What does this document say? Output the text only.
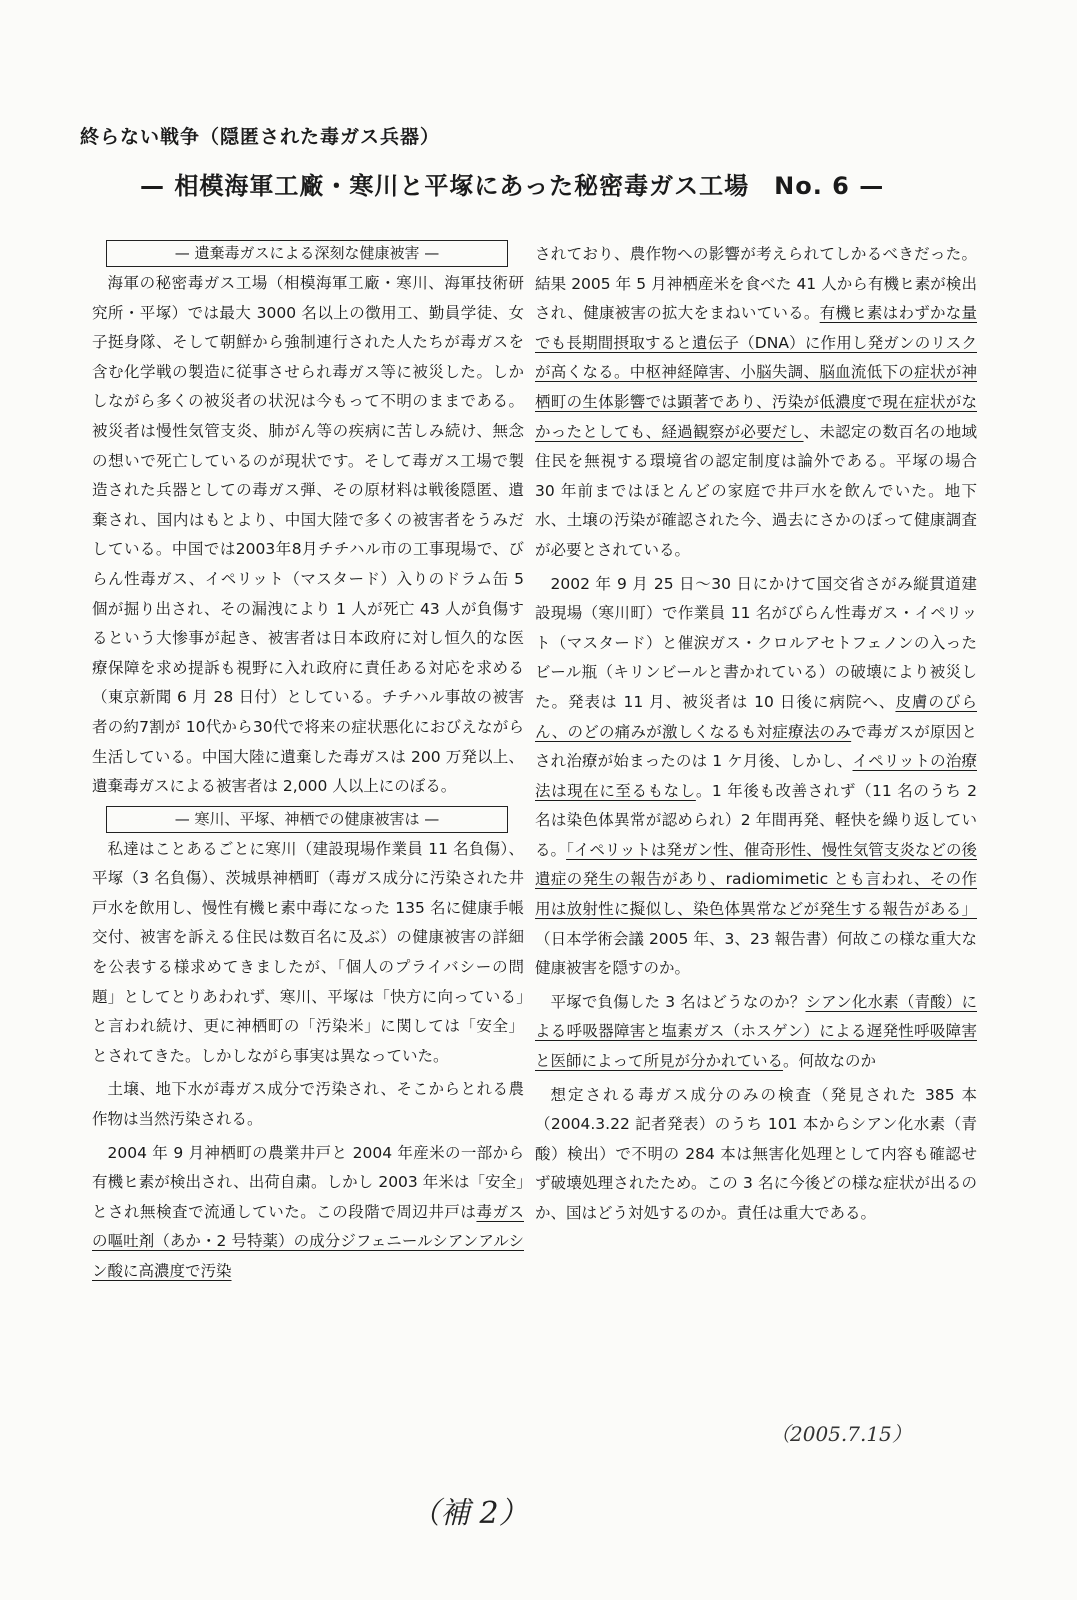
終らない戦争（隠匿された毒ガス兵器）
— 相模海軍工廠・寒川と平塚にあった秘密毒ガス工場　No. 6 —
— 遺棄毒ガスによる深刻な健康被害 —

海軍の秘密毒ガス工場（相模海軍工廠・寒川、海軍技術研究所・平塚）では最大 3000 名以上の徴用工、勤員学徒、女子挺身隊、そして朝鮮から強制連行された人たちが毒ガスを含む化学戦の製造に従事させられ毒ガス等に被災した。しかしながら多くの被災者の状況は今もって不明のままである。被災者は慢性気管支炎、肺がん等の疾病に苦しみ続け、無念の想いで死亡しているのが現状です。そして毒ガス工場で製造された兵器としての毒ガス弾、その原材料は戦後隠匿、遺棄され、国内はもとより、中国大陸で多くの被害者をうみだしている。中国では2003年8月チチハル市の工事現場で、びらん性毒ガス、イペリット（マスタード）入りのドラム缶 5 個が掘り出され、その漏洩により 1 人が死亡 43 人が負傷するという大惨事が起き、被害者は日本政府に対し恒久的な医療保障を求め提訴も視野に入れ政府に責任ある対応を求める（東京新聞 6 月 28 日付）としている。チチハル事故の被害者の約7割が 10代から30代で将来の症状悪化におびえながら生活している。中国大陸に遺棄した毒ガスは 200 万発以上、遺棄毒ガスによる被害者は 2,000 人以上にのぼる。

— 寒川、平塚、神栖での健康被害は —

私達はことあるごとに寒川（建設現場作業員 11 名負傷）、平塚（3 名負傷）、茨城県神栖町（毒ガス成分に汚染された井戸水を飲用し、慢性有機ヒ素中毒になった 135 名に健康手帳交付、被害を訴える住民は数百名に及ぶ）の健康被害の詳細を公表する様求めてきましたが、「個人のプライバシーの問題」としてとりあわれず、寒川、平塚は「快方に向っている」と言われ続け、更に神栖町の「汚染米」に関しては「安全」とされてきた。しかしながら事実は異なっていた。

土壌、地下水が毒ガス成分で汚染され、そこからとれる農作物は当然汚染される。

2004 年 9 月神栖町の農業井戸と 2004 年産米の一部から有機ヒ素が検出され、出荷自粛。しかし 2003 年米は「安全」とされ無検査で流通していた。この段階で周辺井戸は毒ガスの嘔吐剤（あか・2 号特薬）の成分ジフェニールシアンアルシン酸に高濃度で汚染

されており、農作物への影響が考えられてしかるべきだった。結果 2005 年 5 月神栖産米を食べた 41 人から有機ヒ素が検出され、健康被害の拡大をまねいている。有機ヒ素はわずかな量でも長期間摂取すると遺伝子（DNA）に作用し発ガンのリスクが高くなる。中枢神経障害、小脳失調、脳血流低下の症状が神栖町の生体影響では顕著であり、汚染が低濃度で現在症状がなかったとしても、経過観察が必要だし、未認定の数百名の地域住民を無視する環境省の認定制度は論外である。平塚の場合 30 年前まではほとんどの家庭で井戸水を飲んでいた。地下水、土壌の汚染が確認された今、過去にさかのぼって健康調査が必要とされている。

2002 年 9 月 25 日～30 日にかけて国交省さがみ縦貫道建設現場（寒川町）で作業員 11 名がびらん性毒ガス・イペリット（マスタード）と催涙ガス・クロルアセトフェノンの入ったビール瓶（キリンビールと書かれている）の破壊により被災した。発表は 11 月、被災者は 10 日後に病院へ、皮膚のびらん、のどの痛みが激しくなるも対症療法のみで毒ガスが原因とされ治療が始まったのは 1 ケ月後、しかし、イペリットの治療法は現在に至るもなし。1 年後も改善されず（11 名のうち 2 名は染色体異常が認められ）2 年間再発、軽快を繰り返している。「イペリットは発ガン性、催奇形性、慢性気管支炎などの後遺症の発生の報告があり、radiomimetic とも言われ、その作用は放射性に擬似し、染色体異常などが発生する報告がある」（日本学術会議 2005 年、3、23 報告書）何故この様な重大な健康被害を隠すのか。

平塚で負傷した 3 名はどうなのか？シアン化水素（青酸）による呼吸器障害と塩素ガス（ホスゲン）による遅発性呼吸障害と医師によって所見が分かれている。何故なのか

想定される毒ガス成分のみの検査（発見された 385 本（2004.3.22 記者発表）のうち 101 本からシアン化水素（青酸）検出）で不明の 284 本は無害化処理として内容も確認せず破壊処理されたため。この 3 名に今後どの様な症状が出るのか、国はどう対処するのか。責任は重大である。

（2005.7.15）
（補 2）
